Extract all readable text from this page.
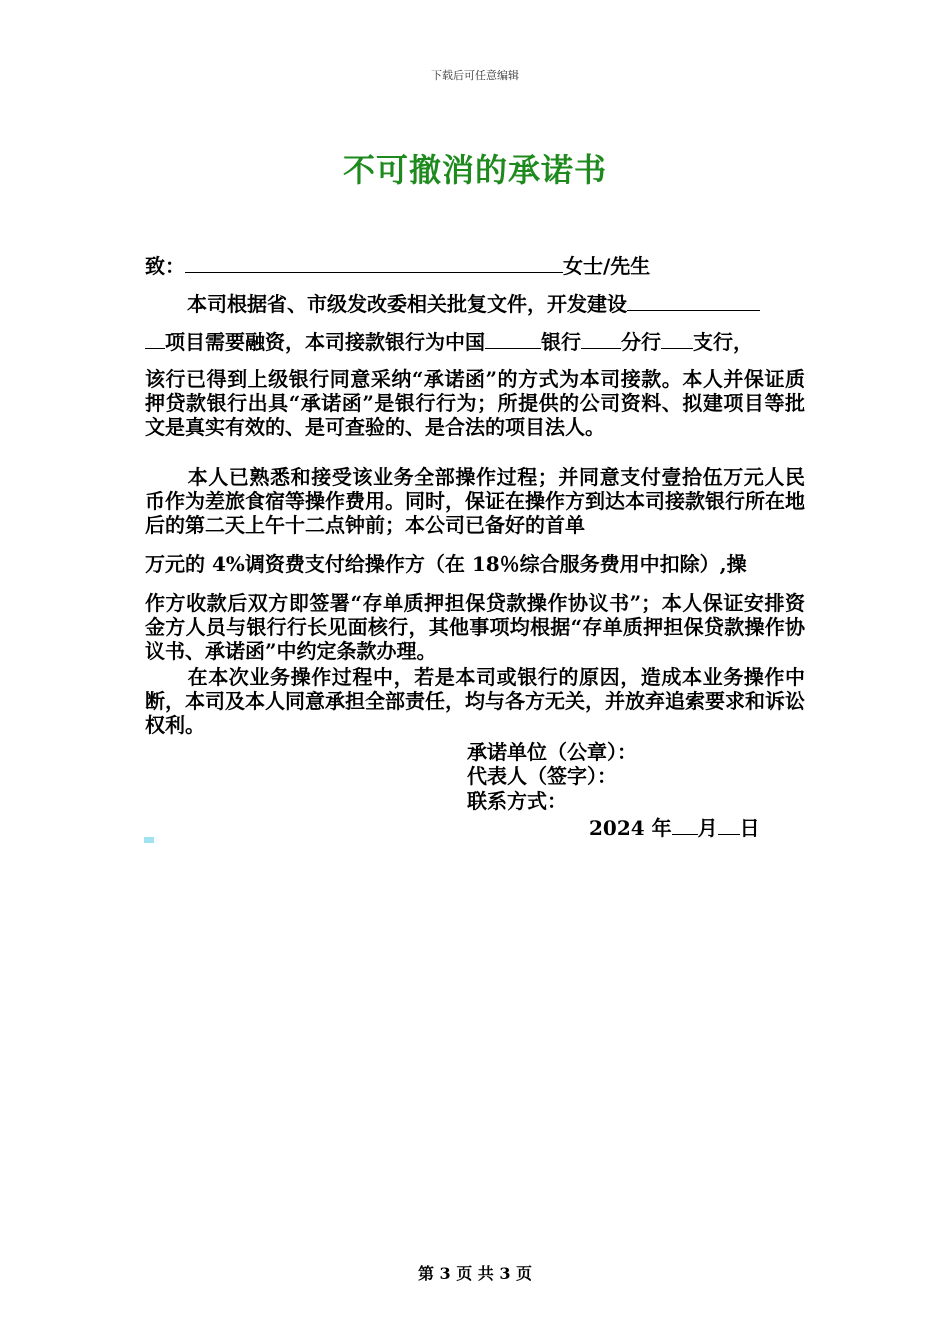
下载后可任意编辑
不可撤消的承诺书
致：	女士/先生
本司根据省、市级发改委相关批复文件，开发建设
项目需要融资，本司接款银行为中国	银行 分行 支行，
该行已得到上级银行同意采纳“承诺函”的方式为本司接款。本人并保证质押贷款银行出具“承诺函”是银行行为；所提供的公司资料、拟建项目等批文是真实有效的、是可查验的、是合法的项目法人。
本人已熟悉和接受该业务全部操作过程；并同意支付壹拾伍万元人民币作为差旅食宿等操作费用。同时，保证在操作方到达本司接款银行所在地后的第二天上午十二点钟前；本公司已备好的首单
万元的 4%调资费支付给操作方（在 18％综合服务费用中扣除）,操
作方收款后双方即签署“存单质押担保贷款操作协议书”；本人保证安排资金方人员与银行行长见面核行，其他事项均根据“存单质押担保贷款操作协议书、承诺函”中约定条款办理。
在本次业务操作过程中，若是本司或银行的原因，造成本业务操作中断，本司及本人同意承担全部责任，均与各方无关，并放弃追索要求和诉讼权利。
承诺单位（公章）：
代表人（签字）：
联系方式：
2024 年 月 日
第 3 页 共 3 页
